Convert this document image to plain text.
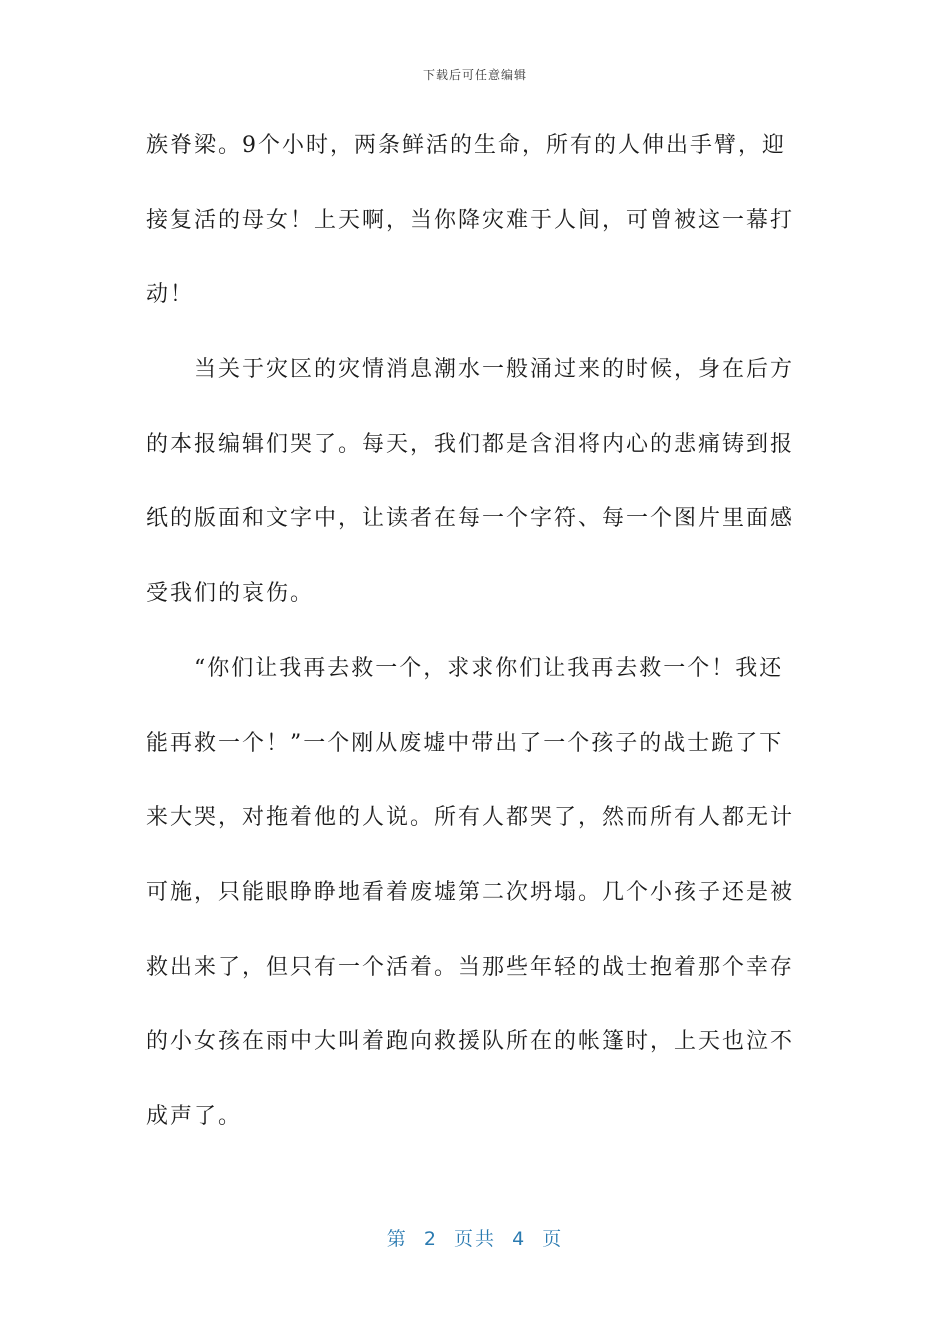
下载后可任意编辑
族脊梁。9个小时，两条鲜活的生命，所有的人伸出手臂，迎
接复活的母女！上天啊，当你降灾难于人间，可曾被这一幕打
动！
当关于灾区的灾情消息潮水一般涌过来的时候，身在后方
的本报编辑们哭了。每天，我们都是含泪将内心的悲痛铸到报
纸的版面和文字中，让读者在每一个字符、每一个图片里面感
受我们的哀伤。
“你们让我再去救一个，求求你们让我再去救一个！我还
能再救一个！”一个刚从废墟中带出了一个孩子的战士跪了下
来大哭，对拖着他的人说。所有人都哭了，然而所有人都无计
可施，只能眼睁睁地看着废墟第二次坍塌。几个小孩子还是被
救出来了，但只有一个活着。当那些年轻的战士抱着那个幸存
的小女孩在雨中大叫着跑向救援队所在的帐篷时，上天也泣不
成声了。
第  2  页共  4  页
